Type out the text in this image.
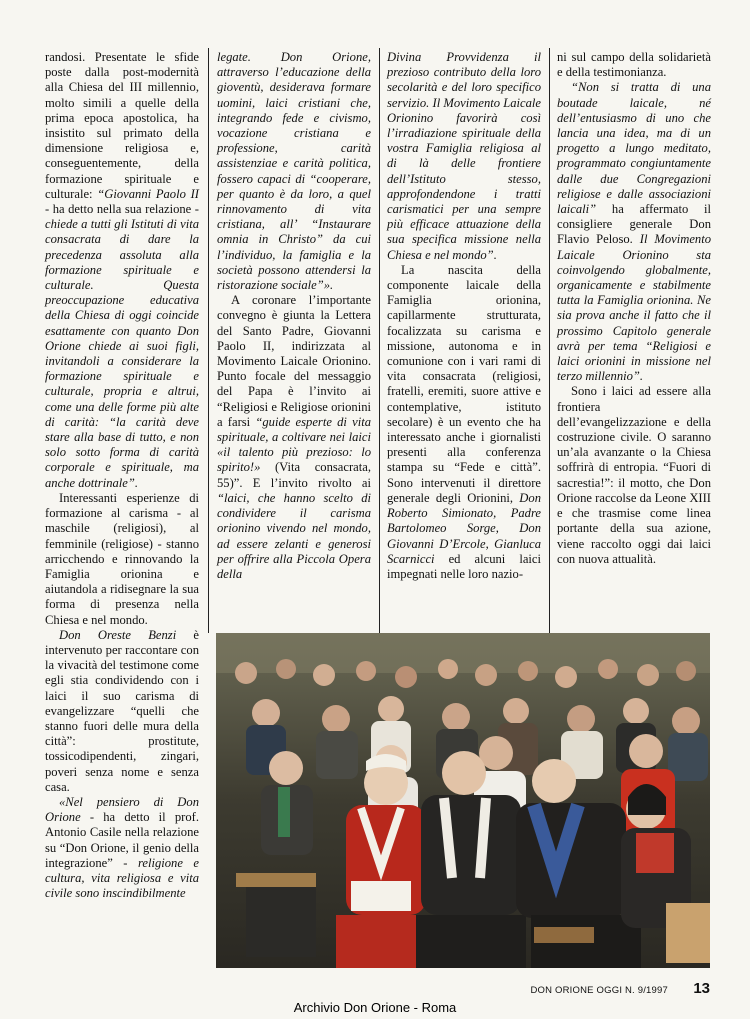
randosi. Presentate le sfide poste dalla post-modernità alla Chiesa del III millennio, molto simili a quelle della prima epoca apostolica, ha insistito sul primato della dimensione religiosa e, conseguentemente, della formazione spirituale e culturale: “Giovanni Paolo II - ha detto nella sua relazione - chiede a tutti gli Istituti di vita consacrata di dare la precedenza assoluta alla formazione spirituale e culturale. Questa preoccupazione educativa della Chiesa di oggi coincide esattamente con quanto Don Orione chiede ai suoi figli, invitandoli a considerare la formazione spirituale e culturale, propria e altrui, come una delle forme più alte di carità: “la carità deve stare alla base di tutto, e non solo sotto forma di carità corporale e spirituale, ma anche dottrinale”.

Interessanti esperienze di formazione al carisma - al maschile (religiosi), al femminile (religiose) - stanno arricchendo e rinnovando la Famiglia orionina e aiutandola a ridisegnare la sua forma di presenza nella Chiesa e nel mondo.

Don Oreste Benzi è intervenuto per raccontare con la vivacità del testimone come egli stia condividendo con i laici il suo carisma di evangelizzare “quelli che stanno fuori delle mura della città”: prostitute, tossicodipendenti, zingari, poveri senza nome e senza casa.

«Nel pensiero di Don Orione - ha detto il prof. Antonio Casile nella relazione su “Don Orione, il genio della integrazione” - religione e cultura, vita religiosa e vita civile sono inscindibilmente

legate. Don Orione, attraverso l’educazione della gioventù, desiderava formare uomini, laici cristiani che, integrando fede e civismo, vocazione cristiana e professione, carità assistenziae e carità politica, fossero capaci di “cooperare, per quanto è da loro, a quel rinnovamento di vita cristiana, all’ “Instaurare omnia in Christo” da cui l’individuo, la famiglia e la società possono attendersi la ristorazione sociale”».

A coronare l’importante convegno è giunta la Lettera del Santo Padre, Giovanni Paolo II, indirizzata al Movimento Laicale Orionino. Punto focale del messaggio del Papa è l’invito ai “Religiosi e Religiose orionini a farsi “guide esperte di vita spirituale, a coltivare nei laici «il talento più prezioso: lo spirito!» (Vita consacrata, 55)”. E l’invito rivolto ai “laici, che hanno scelto di condividere il carisma orionino vivendo nel mondo, ad essere zelanti e generosi per offrire alla Piccola Opera della

Divina Provvidenza il prezioso contributo della loro secolarità e del loro specifico servizio. Il Movimento Laicale Orionino favorirà così l’irradiazione spirituale della vostra Famiglia religiosa al di là delle frontiere dell’Istituto stesso, approfondendone i tratti carismatici per una sempre più efficace attuazione della sua specifica missione nella Chiesa e nel mondo”.

La nascita della componente laicale della Famiglia orionina, capillarmente strutturata, focalizzata su carisma e missione, autonoma e in comunione con i vari rami di vita consacrata (religiosi, fratelli, eremiti, suore attive e contemplative, istituto secolare) è un evento che ha interessato anche i giornalisti presenti alla conferenza stampa su “Fede e città”. Sono intervenuti il direttore generale degli Orionini, Don Roberto Simionato, Padre Bartolomeo Sorge, Don Giovanni D’Ercole, Gianluca Scarnicci ed alcuni laici impegnati nelle loro nazio-

ni sul campo della solidarietà e della testimonianza.

“Non si tratta di una boutade laicale, né dell’entusiasmo di uno che lancia una idea, ma di un progetto a lungo meditato, programmato congiuntamente dalle due Congregazioni religiose e dalle associazioni laicali” ha affermato il consigliere generale Don Flavio Peloso. Il Movimento Laicale Orionino sta coinvolgendo globalmente, organicamente e stabilmente tutta la Famiglia orionina. Ne sia prova anche il fatto che il prossimo Capitolo generale avrà per tema “Religiosi e laici orionini in missione nel terzo millennio”.

Sono i laici ad essere alla frontiera dell’evangelizzazione e della costruzione civile. O saranno un’ala avanzante o la Chiesa soffrirà di entropia. “Fuori di sacrestia!”: il motto, che Don Orione raccolse da Leone XIII e che trasmise come linea portante della sua azione, viene raccolto oggi dai laici con nuova attualità.

DON ORIONE OGGI N. 9/1997 13
Archivio Don Orione - Roma
